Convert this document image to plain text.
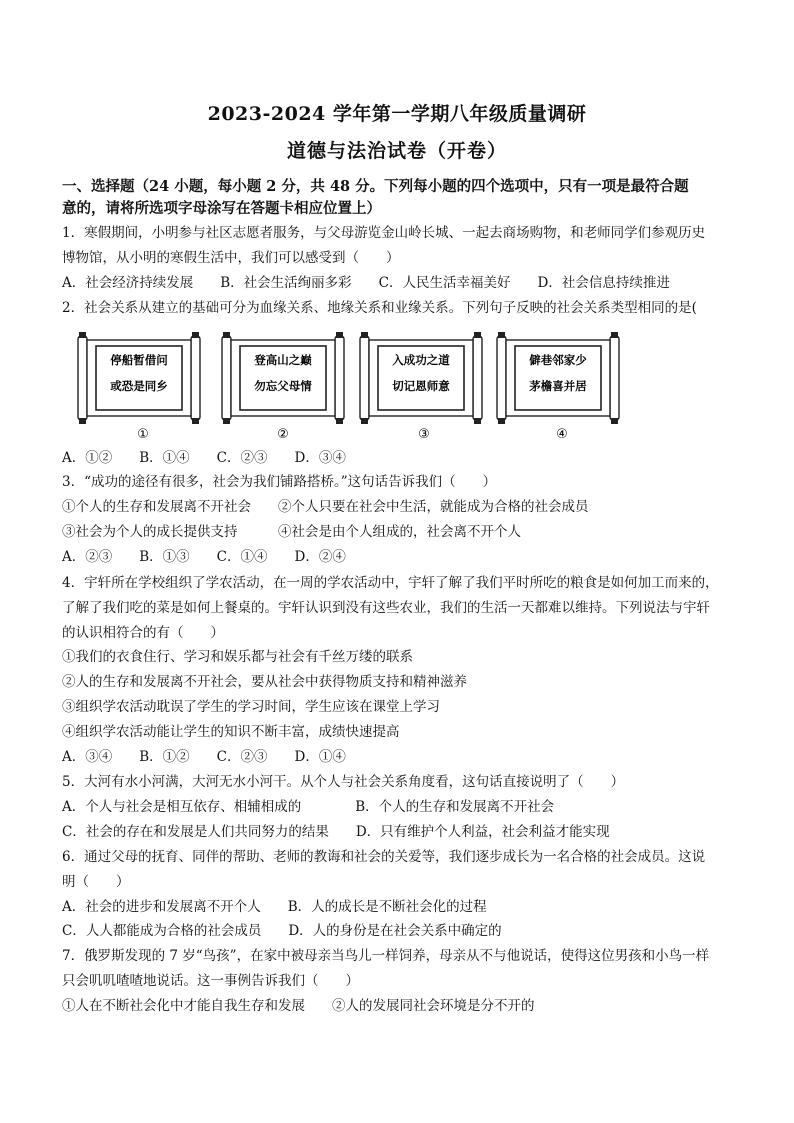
2023-2024 学年第一学期八年级质量调研
道德与法治试卷（开卷）
一、选择题（24 小题，每小题 2 分，共 48 分。下列每小题的四个选项中，只有一项是最符合题
意的，请将所选项字母涂写在答题卡相应位置上）
1．寒假期间，小明参与社区志愿者服务，与父母游览金山岭长城、一起去商场购物，和老师同学们参观历史
博物馆，从小明的寒假生活中，我们可以感受到（　　）
A．社会经济持续发展　　B．社会生活绚丽多彩　　C．人民生活幸福美好　　D．社会信息持续推进
2．社会关系从建立的基础可分为血缘关系、地缘关系和业缘关系。下列句子反映的社会关系类型相同的是(
停船暂借问
或恐是同乡
①
登高山之巅
勿忘父母情
②
入成功之道
切记恩师意
③
僻巷邻家少
茅檐喜并居
④
A．①②　　B．①④　　C．②③　　D．③④
3．“成功的途径有很多，社会为我们铺路搭桥。”这句话告诉我们（　　）
①个人的生存和发展离不开社会　　②个人只要在社会中生活，就能成为合格的社会成员
③社会为个人的成长提供支持　　　④社会是由个人组成的，社会离不开个人
A．②③　　B．①③　　C．①④　　D．②④
4．宇轩所在学校组织了学农活动，在一周的学农活动中，宇轩了解了我们平时所吃的粮食是如何加工而来的，
了解了我们吃的菜是如何上餐桌的。宇轩认识到没有这些农业，我们的生活一天都难以维持。下列说法与宇轩
的认识相符合的有（　　）
①我们的衣食住行、学习和娱乐都与社会有千丝万缕的联系
②人的生存和发展离不开社会，要从社会中获得物质支持和精神滋养
③组织学农活动耽误了学生的学习时间，学生应该在课堂上学习
④组织学农活动能让学生的知识不断丰富，成绩快速提高
A．③④　　B．①②　　C．②③　　D．①④
5．大河有水小河满，大河无水小河干。从个人与社会关系角度看，这句话直接说明了（　　）
A．个人与社会是相互依存、相辅相成的　　　　B．个人的生存和发展离不开社会
C．社会的存在和发展是人们共同努力的结果　　D．只有维护个人利益，社会利益才能实现
6．通过父母的抚育、同伴的帮助、老师的教诲和社会的关爱等，我们逐步成长为一名合格的社会成员。这说
明（　　）
A．社会的进步和发展离不开个人　　B．人的成长是不断社会化的过程
C．人人都能成为合格的社会成员　　D．人的身份是在社会关系中确定的
7．俄罗斯发现的 7 岁“鸟孩”，在家中被母亲当鸟儿一样饲养，母亲从不与他说话，使得这位男孩和小鸟一样
只会叽叽喳喳地说话。这一事例告诉我们（　　）
①人在不断社会化中才能自我生存和发展　　②人的发展同社会环境是分不开的
